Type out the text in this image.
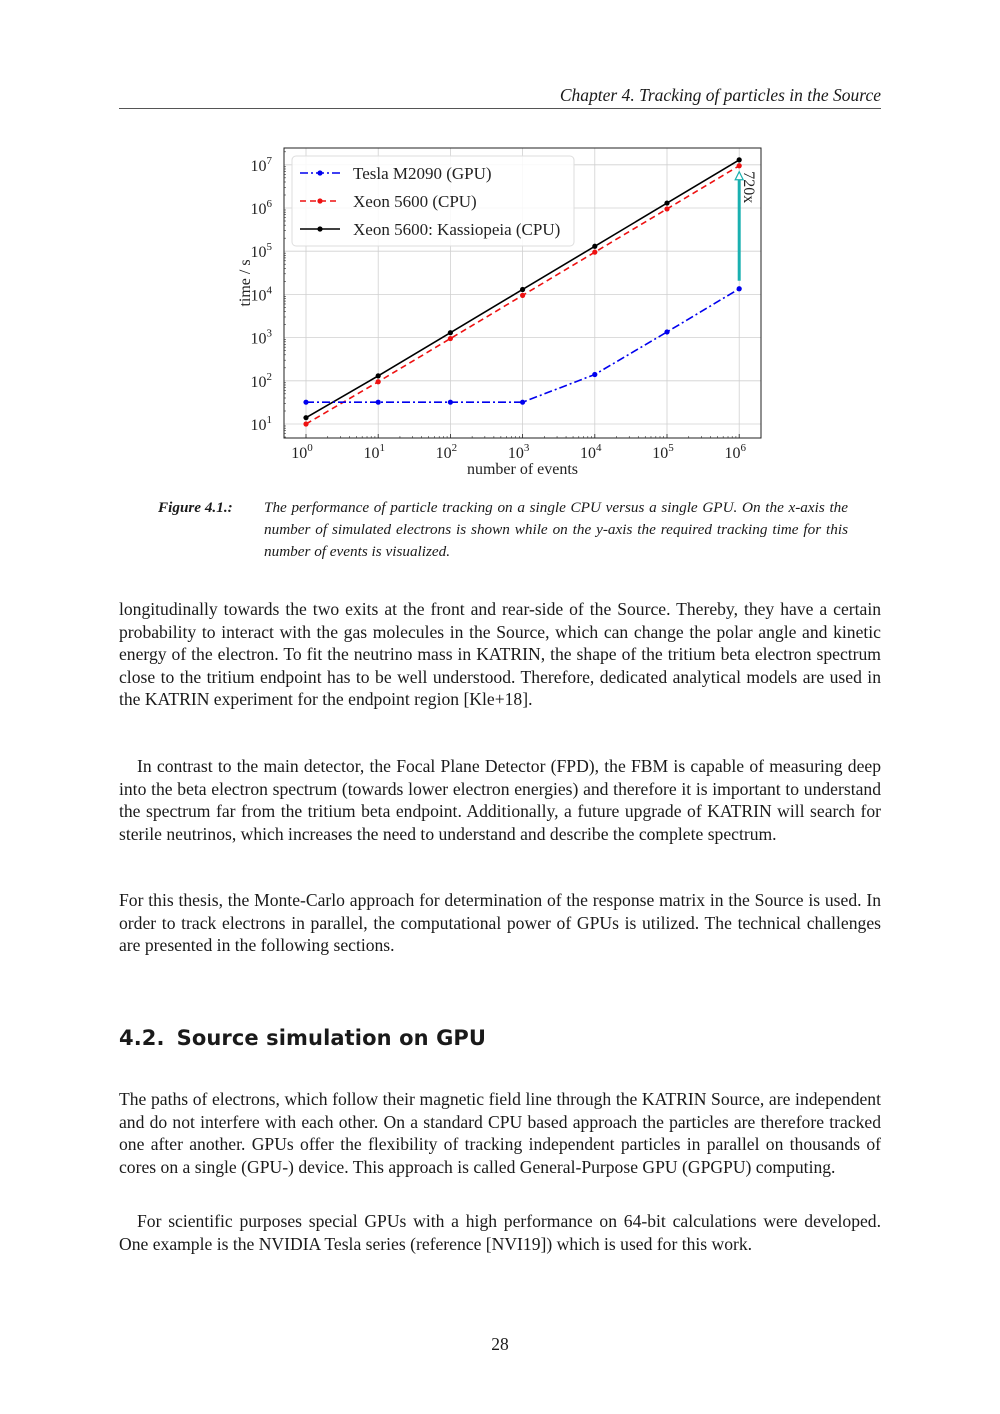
Chapter 4. Tracking of particles in the Source
$10^0$	$10^1$	$10^2$	$10^3$	$10^4$	$10^5$	$10^6$
$10^1$
$10^2$
$10^3$
$10^4$
$10^5$
$10^6$
$10^7$
number of events
time / s
720x
Tesla M2090 (GPU)
Xeon 5600 (CPU)
Xeon 5600: Kassiopeia (CPU)
Figure 4.1.: The performance of particle tracking on a single CPU versus a single GPU. On the x-axis the number of simulated electrons is shown while on the y-axis the required tracking time for this number of events is visualized.

longitudinally towards the two exits at the front and rear-side of the Source. Thereby, they have a certain probability to interact with the gas molecules in the Source, which can change the polar angle and kinetic energy of the electron. To fit the neutrino mass in KATRIN, the shape of the tritium beta electron spectrum close to the tritium endpoint has to be well understood. Therefore, dedicated analytical models are used in the KATRIN experiment for the endpoint region [Kle+18].

In contrast to the main detector, the Focal Plane Detector (FPD), the FBM is capable of measuring deep into the beta electron spectrum (towards lower electron energies) and therefore it is important to understand the spectrum far from the tritium beta endpoint. Additionally, a future upgrade of KATRIN will search for sterile neutrinos, which increases the need to understand and describe the complete spectrum.

For this thesis, the Monte-Carlo approach for determination of the response matrix in the Source is used. In order to track electrons in parallel, the computational power of GPUs is utilized. The technical challenges are presented in the following sections.

4.2. Source simulation on GPU

The paths of electrons, which follow their magnetic field line through the KATRIN Source, are independent and do not interfere with each other. On a standard CPU based approach the particles are therefore tracked one after another. GPUs offer the flexibility of tracking independent particles in parallel on thousands of cores on a single (GPU-) device. This approach is called General-Purpose GPU (GPGPU) computing.

For scientific purposes special GPUs with a high performance on 64-bit calculations were developed. One example is the NVIDIA Tesla series (reference [NVI19]) which is used for this work.

28
